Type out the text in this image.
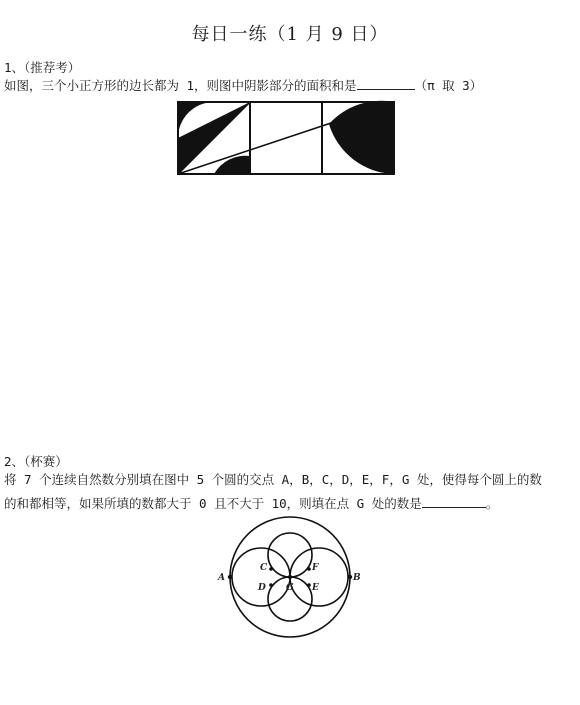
每日一练（1 月 9 日）
1、（推荐考）
如图，三个小正方形的边长都为 1，则图中阴影部分的面积和是	（π 取 3）
2、（杯赛）
将 7 个连续自然数分别填在图中 5 个圆的交点 A，B，C，D，E，F，G 处，使得每个圆上的数
的和都相等，如果所填的数都大于 0 且不大于 10，则填在点 G 处的数是	。
A	B
C
D
F
E
G
